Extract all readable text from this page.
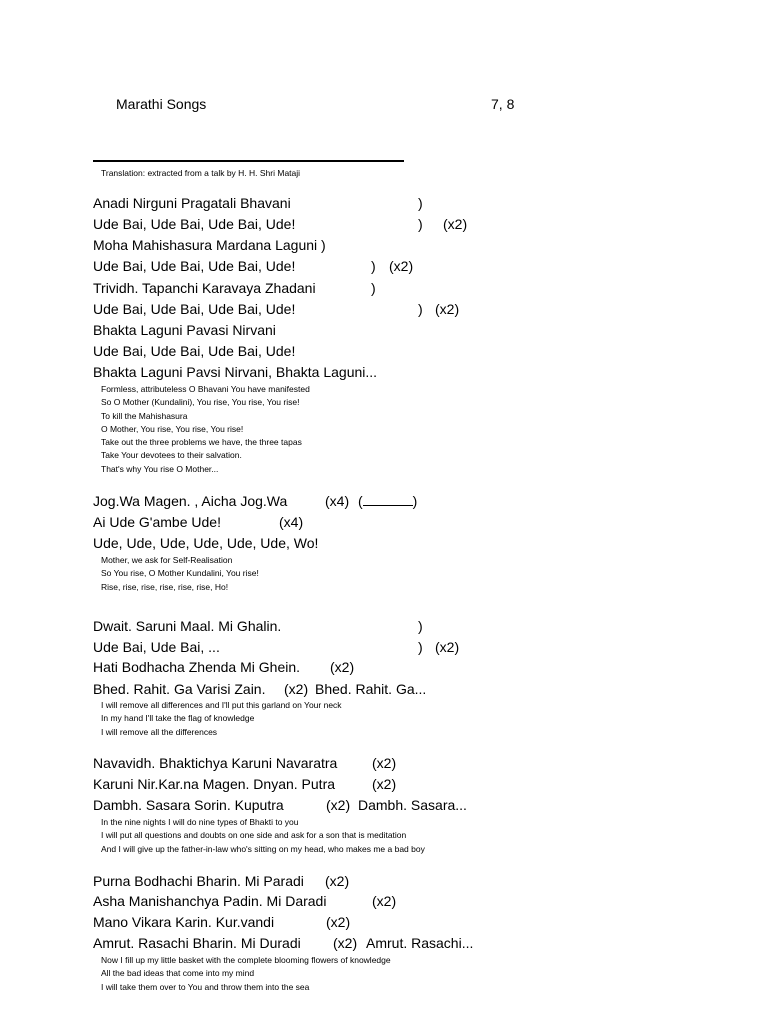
Marathi Songs	7, 8
Translation: extracted from a talk by H. H. Shri Mataji
Anadi Nirguni Pragatali Bhavani	)
Ude Bai, Ude Bai, Ude Bai, Ude!	) (x2)
Moha Mahishasura Mardana Laguni )
Ude Bai, Ude Bai, Ude Bai, Ude!	) (x2)
Trividh. Tapanchi Karavaya Zhadani	)
Ude Bai, Ude Bai, Ude Bai, Ude!	) (x2)
Bhakta Laguni Pavasi Nirvani
Ude Bai, Ude Bai, Ude Bai, Ude!
Bhakta Laguni Pavsi Nirvani, Bhakta Laguni...
Formless, attributeless O Bhavani You have manifested
So O Mother (Kundalini), You rise, You rise, You rise!
To kill the Mahishasura
O Mother, You rise, You rise, You rise!
Take out the three problems we have, the three tapas
Take Your devotees to their salvation.
That's why You rise O Mother...
Jog.Wa Magen. , Aicha Jog.Wa	(x4) (	)
Ai Ude G'ambe Ude!	(x4)
Ude, Ude, Ude, Ude, Ude, Ude, Wo!
Mother, we ask for Self-Realisation
So You rise, O Mother Kundalini, You rise!
Rise, rise, rise, rise, rise, rise, Ho!
Dwait. Saruni Maal. Mi Ghalin.	)
Ude Bai, Ude Bai, ...	) (x2)
Hati Bodhacha Zhenda Mi Ghein. (x2)
Bhed. Rahit. Ga Varisi Zain. (x2) Bhed. Rahit. Ga...
I will remove all differences and I'll put this garland on Your neck
In my hand I'll take the flag of knowledge
I will remove all the differences
Navavidh. Bhaktichya Karuni Navaratra (x2)
Karuni Nir.Kar.na Magen. Dnyan. Putra	(x2)
Dambh. Sasara Sorin. Kuputra	(x2) Dambh. Sasara...
In the nine nights I will do nine types of Bhakti to you
I will put all questions and doubts on one side and ask for a son that is meditation
And I will give up the father-in-law who's sitting on my head, who makes me a bad boy
Purna Bodhachi Bharin. Mi Paradi (x2)
Asha Manishanchya Padin. Mi Daradi	(x2)
Mano Vikara Karin. Kur.vandi	(x2)
Amrut. Rasachi Bharin. Mi Duradi (x2) Amrut. Rasachi...
Now I fill up my little basket with the complete blooming flowers of knowledge
All the bad ideas that come into my mind
I will take them over to You and throw them into the sea
